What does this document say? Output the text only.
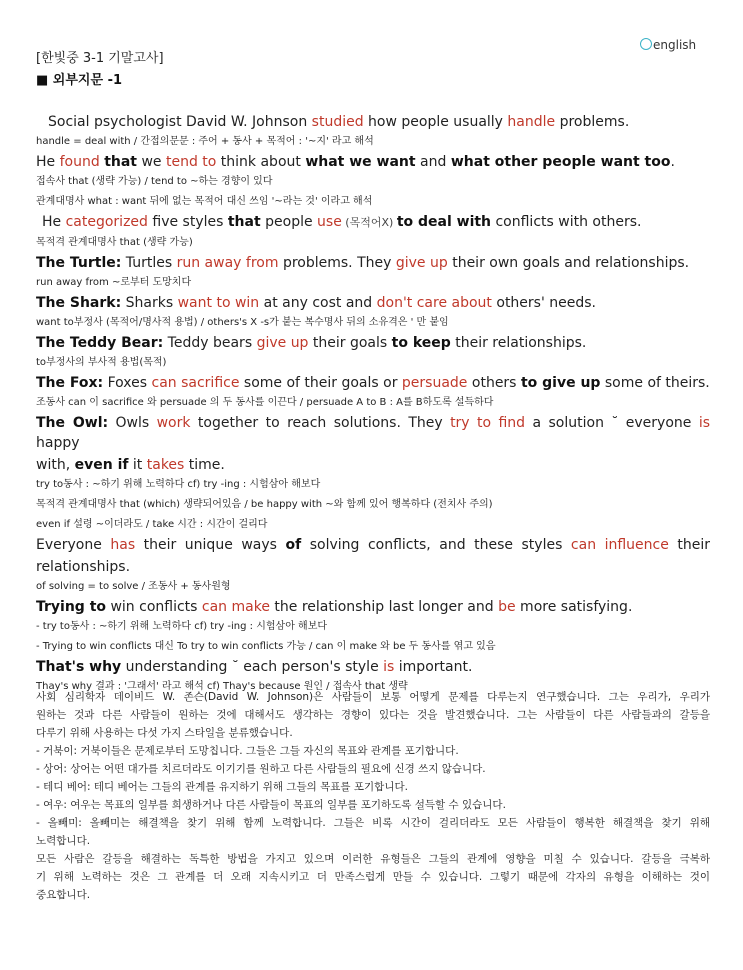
english
[한빛중 3-1 기말고사]
■ 외부지문 -1
Social psychologist David W. Johnson studied how people usually handle problems.
handle = deal with / 간접의문문 : 주어 + 동사 + 목적어 : '~지' 라고 해석
He found that we tend to think about what we want and what other people want too.
접속사 that (생략 가능) / tend to ~하는 경향이 있다
관계대명사 what : want 뒤에 없는 목적어 대신 쓰임 '~라는 것' 이라고 해석
He categorized five styles that people use (목적어X) to deal with conflicts with others.
목적격 관계대명사 that (생략 가능)
The Turtle: Turtles run away from problems. They give up their own goals and relationships.
run away from ~로부터 도망치다
The Shark: Sharks want to win at any cost and don't care about others' needs.
want to부정사 (목적어/명사적 용법) / others's X -s가 붙는 복수명사 뒤의 소유격은 ' 만 붙임
The Teddy Bear: Teddy bears give up their goals to keep their relationships.
to부정사의 부사적 용법(목적)
The Fox: Foxes can sacrifice some of their goals or persuade others to give up some of theirs.
조동사 can 이 sacrifice 와 persuade 의 두 동사를 이끈다 / persuade A to B : A를 B하도록 설득하다
The Owl: Owls work together to reach solutions. They try to find a solution ˘ everyone is happy
with, even if it takes time.
try to동사 : ~하기 위해 노력하다 cf) try -ing : 시험삼아 해보다
목적격 관계대명사 that (which) 생략되어있음 / be happy with ~와 함께 있어 행복하다 (전치사 주의)
even if 설령 ~이더라도 / take 시간 : 시간이 걸리다
Everyone has their unique ways of solving conflicts, and these styles can influence their
relationships.
of solving = to solve / 조동사 + 동사원형
Trying to win conflicts can make the relationship last longer and be more satisfying.
- try to동사 : ~하기 위해 노력하다 cf) try -ing : 시험삼아 해보다
- Trying to win conflicts 대신 To try to win conflicts 가능 / can 이 make 와 be 두 동사를 엮고 있음
That's why understanding ˘ each person's style is important.
Thay's why 결과 : '그래서' 라고 해석 cf) Thay's because 원인 / 접속사 that 생략

사회 심리학자 데이비드 W. 존슨(David W. Johnson)은 사람들이 보통 어떻게 문제를 다루는지 연구했습니다. 그는 우리가, 우리가

원하는 것과 다른 사람들이 원하는 것에 대해서도 생각하는 경향이 있다는 것을 발견했습니다. 그는 사람들이 다른 사람들과의 갈등을

다루기 위해 사용하는 다섯 가지 스타일을 분류했습니다.

- 거북이: 거북이들은 문제로부터 도망칩니다. 그들은 그들 자신의 목표와 관계를 포기합니다.

- 상어: 상어는 어떤 대가를 치르더라도 이기기를 원하고 다른 사람들의 필요에 신경 쓰지 않습니다.

- 테디 베어: 테디 베어는 그들의 관계를 유지하기 위해 그들의 목표를 포기합니다.

- 여우: 여우는 목표의 일부를 희생하거나 다른 사람들이 목표의 일부를 포기하도록 설득할 수 있습니다.

- 올빼미: 올빼미는 해결책을 찾기 위해 함께 노력합니다. 그들은 비록 시간이 걸리더라도 모든 사람들이 행복한 해결책을 찾기 위해

노력합니다.

모든 사람은 갈등을 해결하는 독특한 방법을 가지고 있으며 이러한 유형들은 그들의 관계에 영향을 미칠 수 있습니다. 갈등을 극복하

기 위해 노력하는 것은 그 관계를 더 오래 지속시키고 더 만족스럽게 만들 수 있습니다. 그렇기 때문에 각자의 유형을 이해하는 것이

중요합니다.
